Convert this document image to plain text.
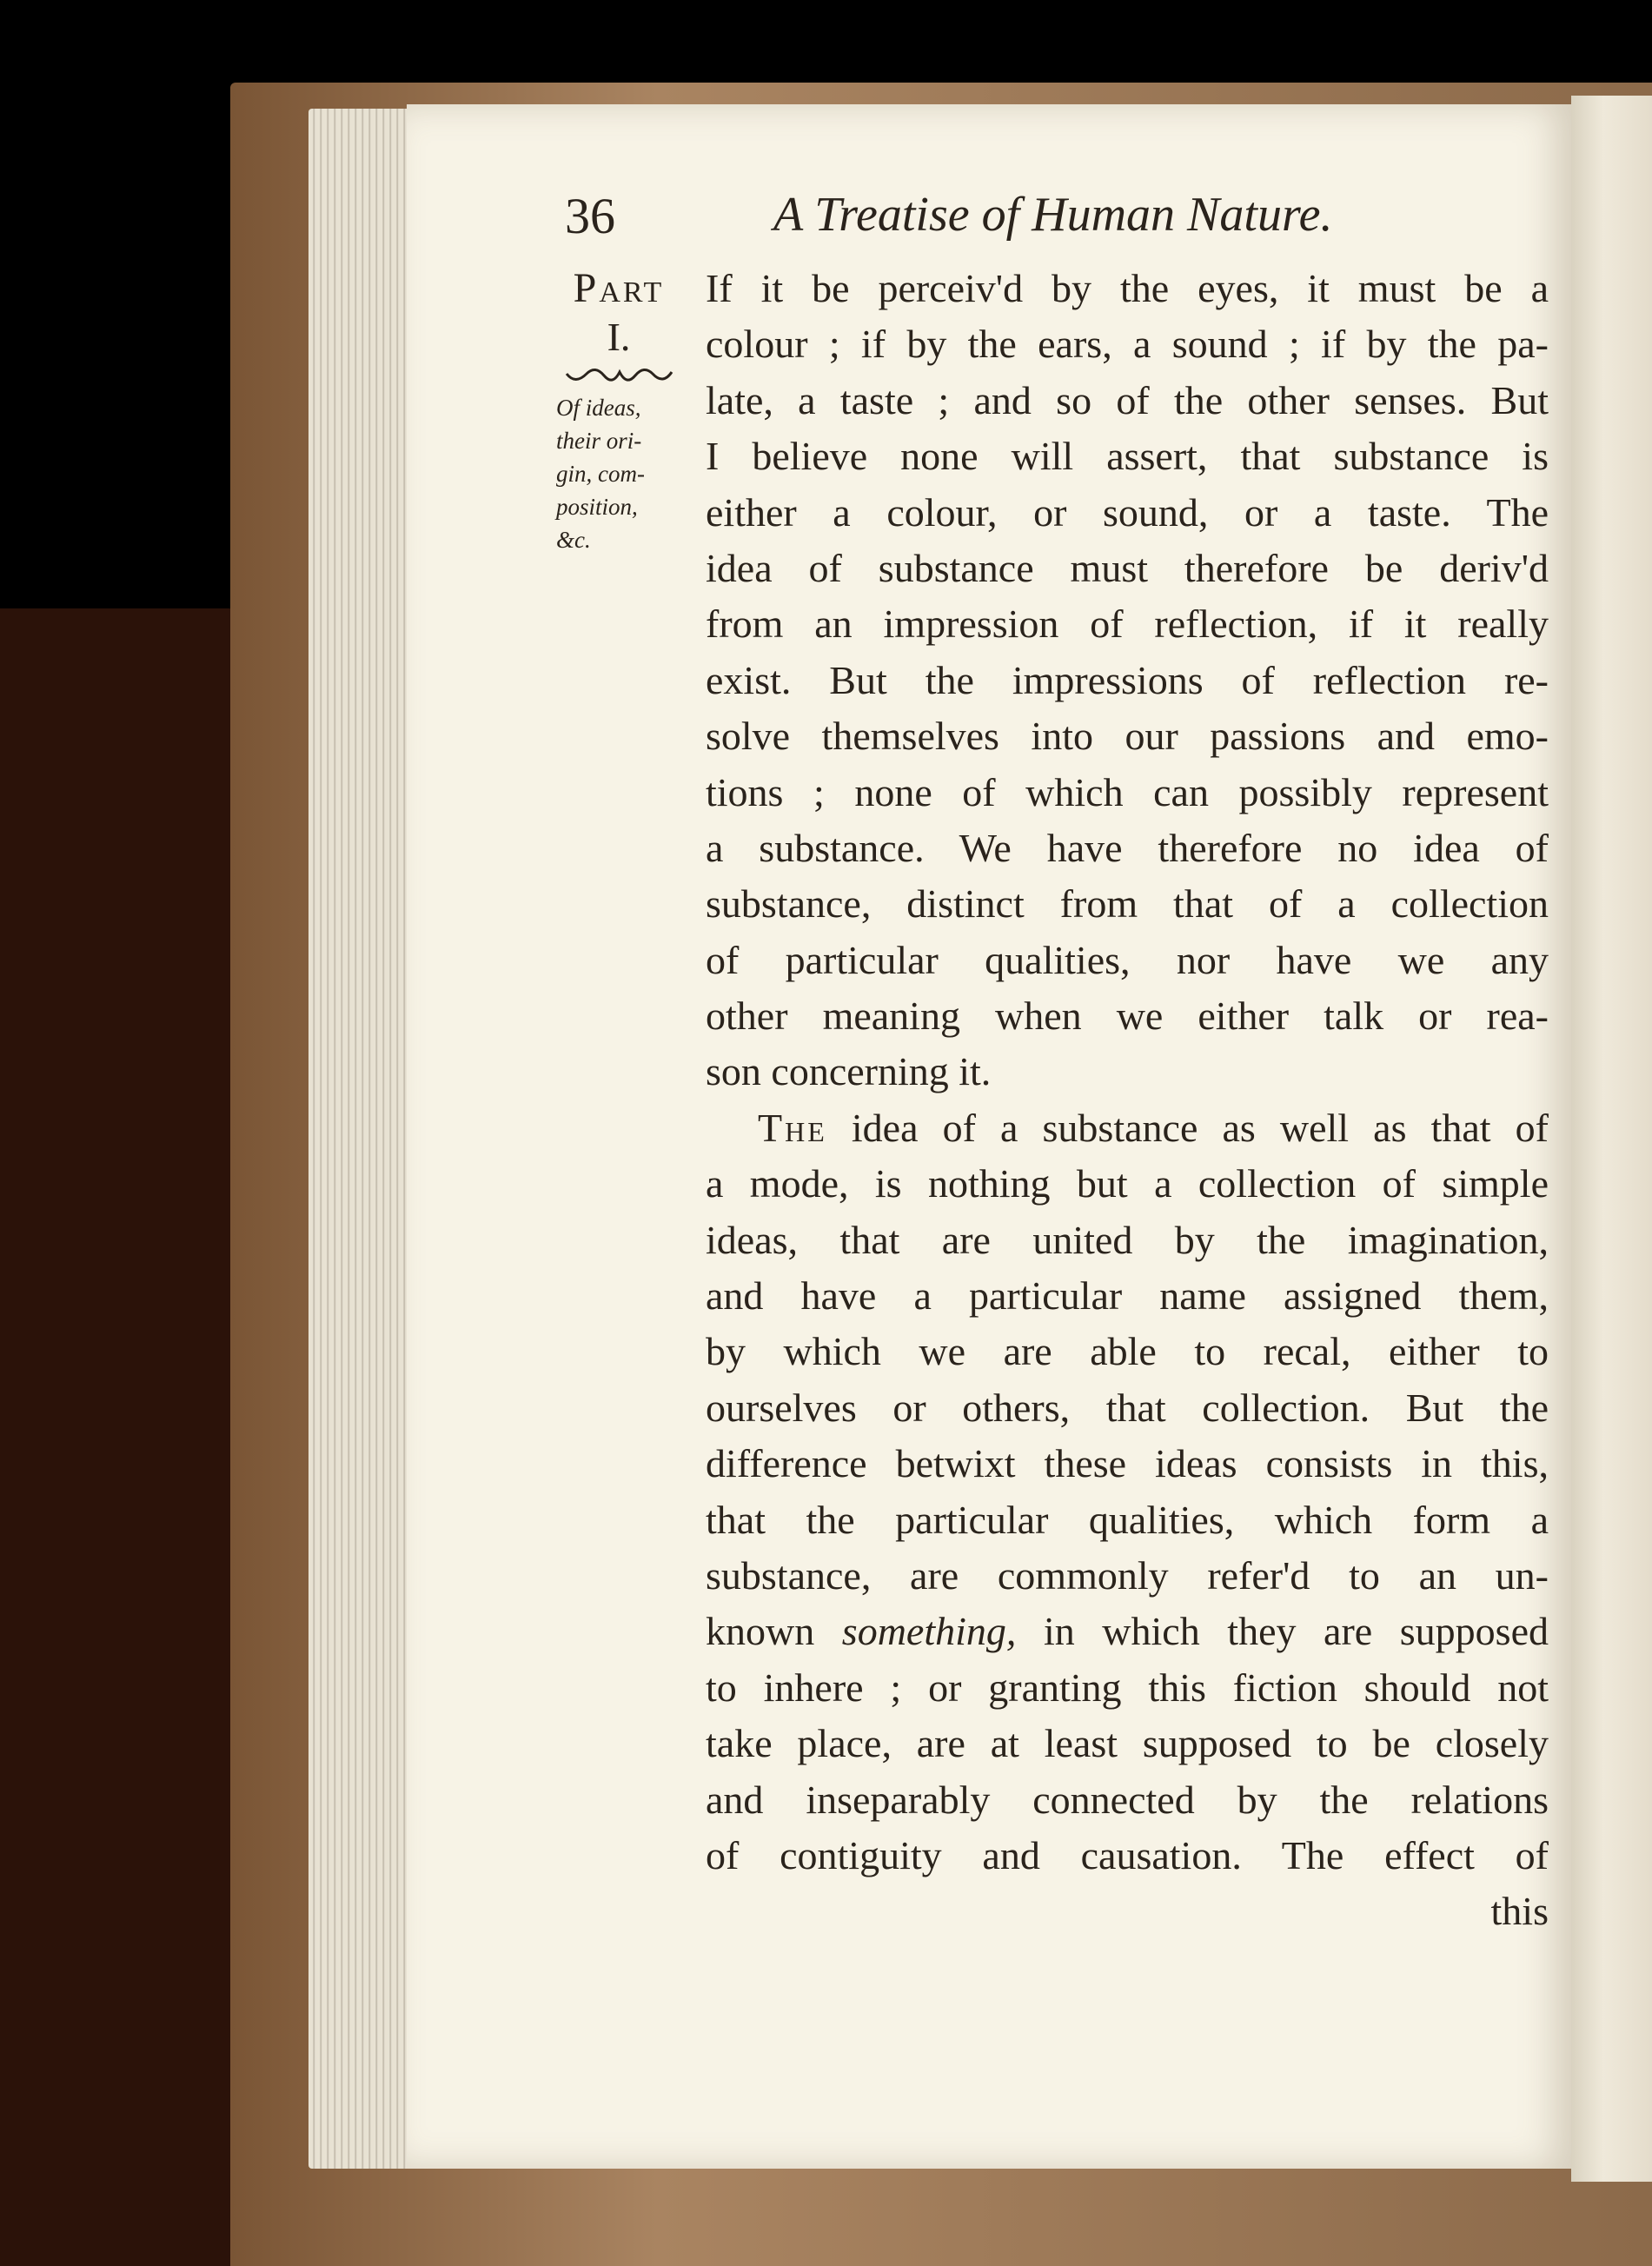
36	A Treatise of Human Nature.
Part
I.
Of ideas,
their ori-
gin, com-
position,
&c.
If it be perceiv'd by the eyes, it must be a
colour ; if by the ears, a sound ; if by the pa-
late, a taste ; and so of the other senses. But
I believe none will assert, that substance is
either a colour, or sound, or a taste. The
idea of substance must therefore be deriv'd
from an impression of reflection, if it really
exist. But the impressions of reflection re-
solve themselves into our passions and emo-
tions ; none of which can possibly represent
a substance. We have therefore no idea of
substance, distinct from that of a collection
of particular qualities, nor have we any
other meaning when we either talk or rea-
son concerning it.
The idea of a substance as well as that of
a mode, is nothing but a collection of simple
ideas, that are united by the imagination,
and have a particular name assigned them,
by which we are able to recal, either to
ourselves or others, that collection. But the
difference betwixt these ideas consists in this,
that the particular qualities, which form a
substance, are commonly refer'd to an un-
known something, in which they are supposed
to inhere ; or granting this fiction should not
take place, are at least supposed to be closely
and inseparably connected by the relations
of contiguity and causation. The effect of
this
